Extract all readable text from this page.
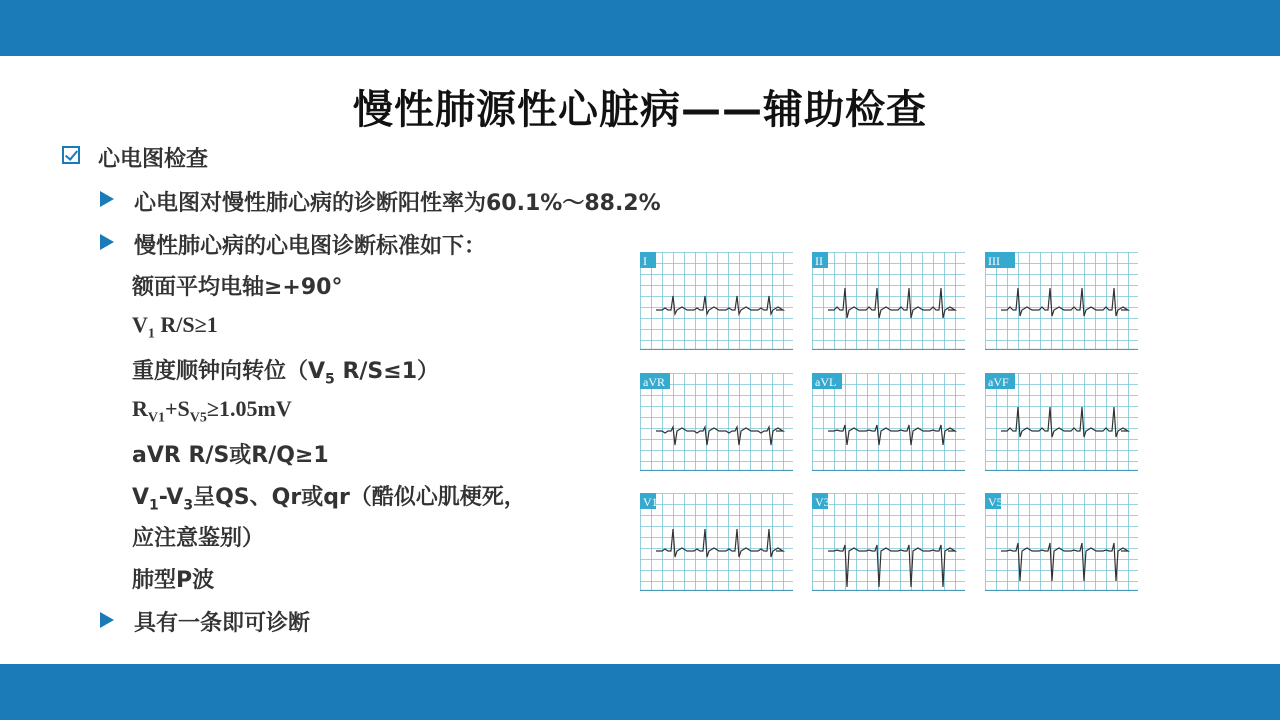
慢性肺源性心脏病——辅助检查
心电图检查
心电图对慢性肺心病的诊断阳性率为60.1%～88.2%
慢性肺心病的心电图诊断标准如下：
额面平均电轴≥+90°
$V_1$ R/S≥1
重度顺钟向转位（$V_5$ R/S≤1）
$R_{V1}+S_{V5}\ge 1.05mV$
aVR R/S或R/Q≥1
$V_1-V_3$呈QS、Qr或qr（酷似心肌梗死，
应注意鉴别）
肺型P波
具有一条即可诊断
I	II	III
aVR	aVL	aVF
V1	V3	V5
